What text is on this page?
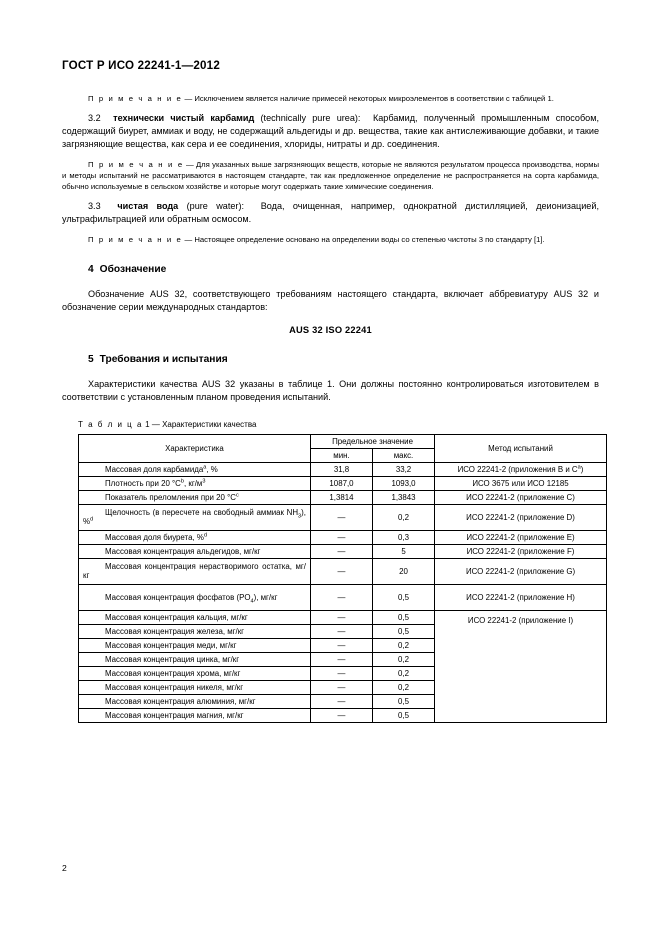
ГОСТ Р ИСО 22241-1—2012

П р и м е ч а н и е — Исключением является наличие примесей некоторых микроэлементов в соответствии с таблицей 1.

3.2 технически чистый карбамид (technically pure urea): Карбамид, полученный промышленным способом, содержащий биурет, аммиак и воду, не содержащий альдегиды и др. вещества, такие как антислеживающие добавки, и такие загрязняющие вещества, как сера и ее соединения, хлориды, нитраты и др. соединения.

П р и м е ч а н и е — Для указанных выше загрязняющих веществ, которые не являются результатом процесса производства, нормы и методы испытаний не рассматриваются в настоящем стандарте, так как предложенное определение не распространяется на сорта карбамида, обычно используемые в сельском хозяйстве и которые могут содержать такие химические соединения.

3.3 чистая вода (pure water): Вода, очищенная, например, однократной дистилляцией, деионизацией, ультрафильтрацией или обратным осмосом.

П р и м е ч а н и е — Настоящее определение основано на определении воды со степенью чистоты 3 по стандарту [1].

4 Обозначение

Обозначение AUS 32, соответствующего требованиям настоящего стандарта, включает аббревиатуру AUS 32 и обозначение серии международных стандартов:

AUS 32 ISO 22241

5 Требования и испытания

Характеристики качества AUS 32 указаны в таблице 1. Они должны постоянно контролироваться изготовителем в соответствии с установленным планом проведения испытаний.

Т а б л и ц а 1 — Характеристики качества
Характеристика	Предельное значение		Метод испытаний
	мин.	макс.	
Массовая доля карбамида$^a$, %	31,8	33,2	ИСО 22241-2 (приложения B и $C^a$)
Плотность при 20 $^\circ C^b$, $кг/м^3$	1087,0	1093,0	ИСО 3675 или ИСО 12185
Показатель преломления при 20 $^\circ C^c$	1,3814	1,3843	ИСО 22241-2 (приложение C)
Щелочность (в пересчете на свободный аммиак $NH_3$), %$^d$	—	0,2	ИСО 22241-2 (приложение D)
Массовая доля биурета, %$^d$	—	0,3	ИСО 22241-2 (приложение E)
Массовая концентрация альдегидов, мг/кг	—	5	ИСО 22241-2 (приложение F)
Массовая концентрация нерастворимого остатка, мг/кг	—	20	ИСО 22241-2 (приложение G)
Массовая концентрация фосфатов $(PO_4)$, мг/кг	—	0,5	ИСО 22241-2 (приложение H)
Массовая концентрация кальция, мг/кг	—	0,5	ИСО 22241-2 (приложение I)
Массовая концентрация железа, мг/кг	—	0,5	
Массовая концентрация меди, мг/кг	—	0,2	
Массовая концентрация цинка, мг/кг	—	0,2	
Массовая концентрация хрома, мг/кг	—	0,2	
Массовая концентрация никеля, мг/кг	—	0,2	
Массовая концентрация алюминия, мг/кг	—	0,5	
Массовая концентрация магния, мг/кг	—	0,5	
2
